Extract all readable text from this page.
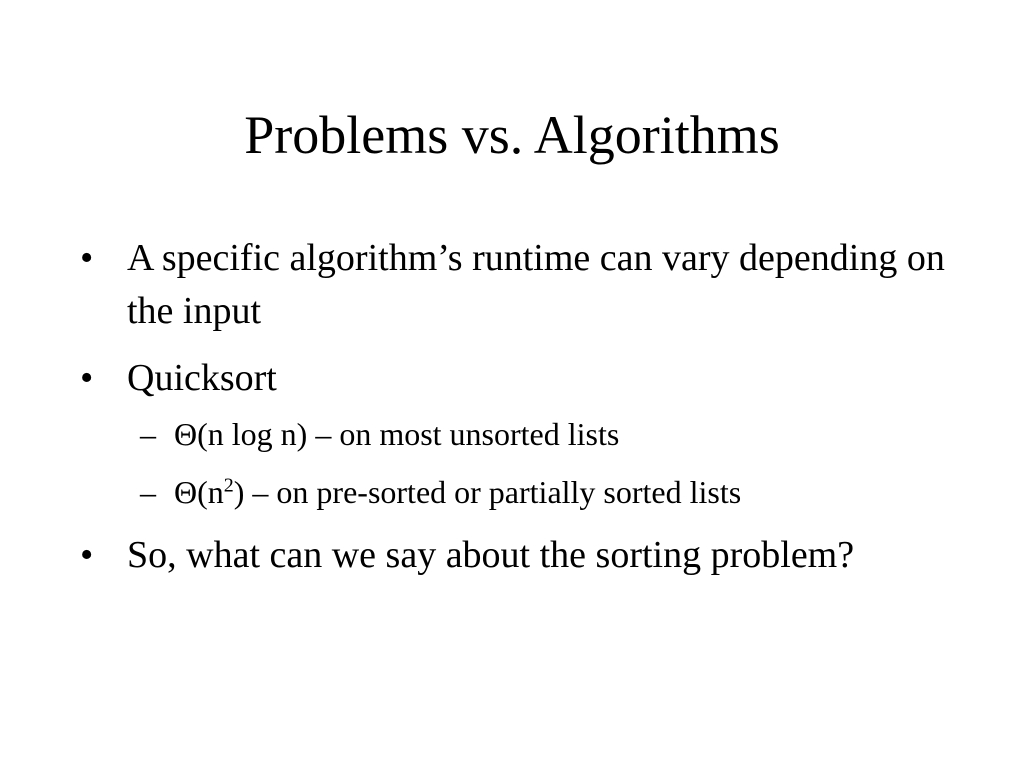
Problems vs. Algorithms
• A specific algorithm’s runtime can vary depending on the input
• Quicksort
– Θ(n log n) – on most unsorted lists
– $\Theta(n^2)$ – on pre-sorted or partially sorted lists
• So, what can we say about the sorting problem?
